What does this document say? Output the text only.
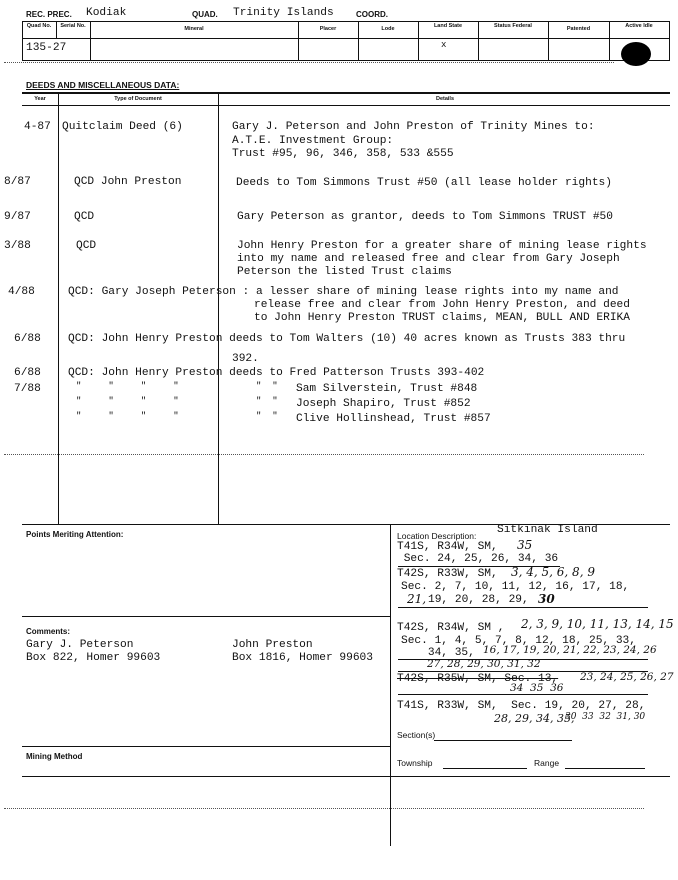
REC. PREC. Kodiak	QUAD. Trinity Islands	COORD.
Quad No.	Serial No.	Mineral	Placer	Lode	Land State	Status Federal	Patented	Active Idle
135-27	x
DEEDS AND MISCELLANEOUS DATA:
Year	Type of Document	Details
4-87 Quitclaim Deed (6)	Gary J. Peterson and John Preston of Trinity Mines to:
A.T.E. Investment Group:
Trust #95, 96, 346, 358, 533 &555
8/87	QCD John Preston	Deeds to Tom Simmons Trust #50 (all lease holder rights)
9/87	QCD	Gary Peterson as grantor, deeds to Tom Simmons TRUST #50
3/88	QCD	John Henry Preston for a greater share of mining lease rights
into my name and released free and clear from Gary Joseph
Peterson the listed Trust claims
4/88	QCD: Gary Joseph Peterson : a lesser share of mining lease rights into my name and
release free and clear from John Henry Preston, and deed
to John Henry Preston TRUST claims, MEAN, BULL AND ERIKA
6/88 QCD: John Henry Preston deeds to Tom Walters (10) 40 acres known as Trusts 383 thru
392.
6/88 QCD: John Henry Preston deeds to Fred Patterson Trusts 393-402
7/88	"     "     "     "	"  " Sam Silverstein, Trust #848
"     "     "     "	"  " Joseph Shapiro, Trust #852
"     "     "     "	"  " Clive Hollinshead, Trust #857
Points Meriting Attention:	Location Description: Sitkinak Island
T41S, R34W, SM, 35
Sec. 24, 25, 26, 34, 36
T42S, R33W, SM, 3, 4, 5, 6, 8, 9
Sec. 2, 7, 10, 11, 12, 16, 17, 18,
21, 19, 20, 28, 29, 30
T42S, R34W, SM , 2, 3, 9, 10, 11, 13, 14, 15
Sec. 1, 4, 5, 7, 8, 12, 18, 25, 33,
34, 35, 16, 17, 19, 20, 21, 22, 23, 24, 26
27, 28, 29, 30, 31, 32
T42S, R35W, SM, Sec. 13, 23, 24, 25, 26, 27
34  35  36
T41S, R33W, SM,  Sec. 19, 20, 27, 28,
28, 29, 34, 35,
30  33  32  31, 30
Section(s)
Comments:
Gary J. Peterson
Box 822, Homer 99603
John Preston
Box 1816, Homer 99603
Mining Method
Township	Range
